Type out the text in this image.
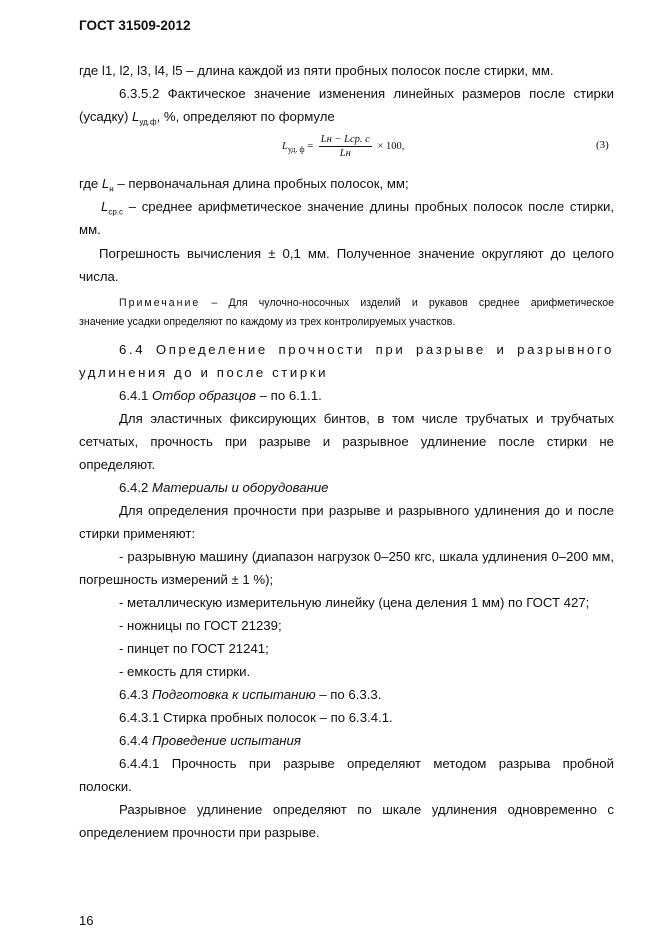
ГОСТ 31509-2012

где l1, l2, l3, l4, l5 – длина каждой из пяти пробных полосок после стирки, мм.

6.3.5.2 Фактическое значение изменения линейных размеров после стирки

(усадку) $L_{уд.ф}$, %, определяют по формуле

$L_{уд. ф} = \frac{\text{Lн − Lср. с}}{Lн} \times 100$,	(3)

где $L_н$ – первоначальная длина пробных полосок, мм;

$L_{ср.с}$ – среднее арифметическое значение длины пробных полосок после стирки,

мм.

Погрешность вычисления ± 0,1 мм. Полученное значение округляют до целого

числа.

Примечание – Для чулочно-носочных изделий и рукавов среднее арифметическое

значение усадки определяют по каждому из трех контролируемых участков.

6.4 Определение прочности при разрыве и разрывного

удлинения до и после стирки

6.4.1 Отбор образцов – по 6.1.1.

Для эластичных фиксирующих бинтов, в том числе трубчатых и трубчатых

сетчатых, прочность при разрыве и разрывное удлинение после стирки не

определяют.

6.4.2 Материалы и оборудование

Для определения прочности при разрыве и разрывного удлинения до и после

стирки применяют:

- разрывную машину (диапазон нагрузок 0–250 кгс, шкала удлинения 0–200 мм,

погрешность измерений ± 1 %);

- металлическую измерительную линейку (цена деления 1 мм) по ГОСТ 427;

- ножницы по ГОСТ 21239;

- пинцет по ГОСТ 21241;

- емкость для стирки.

6.4.3 Подготовка к испытанию – по 6.3.3.

6.4.3.1 Стирка пробных полосок – по 6.3.4.1.

6.4.4 Проведение испытания

6.4.4.1 Прочность при разрыве определяют методом разрыва пробной

полоски.

Разрывное удлинение определяют по шкале удлинения одновременно с

определением прочности при разрыве.

16
